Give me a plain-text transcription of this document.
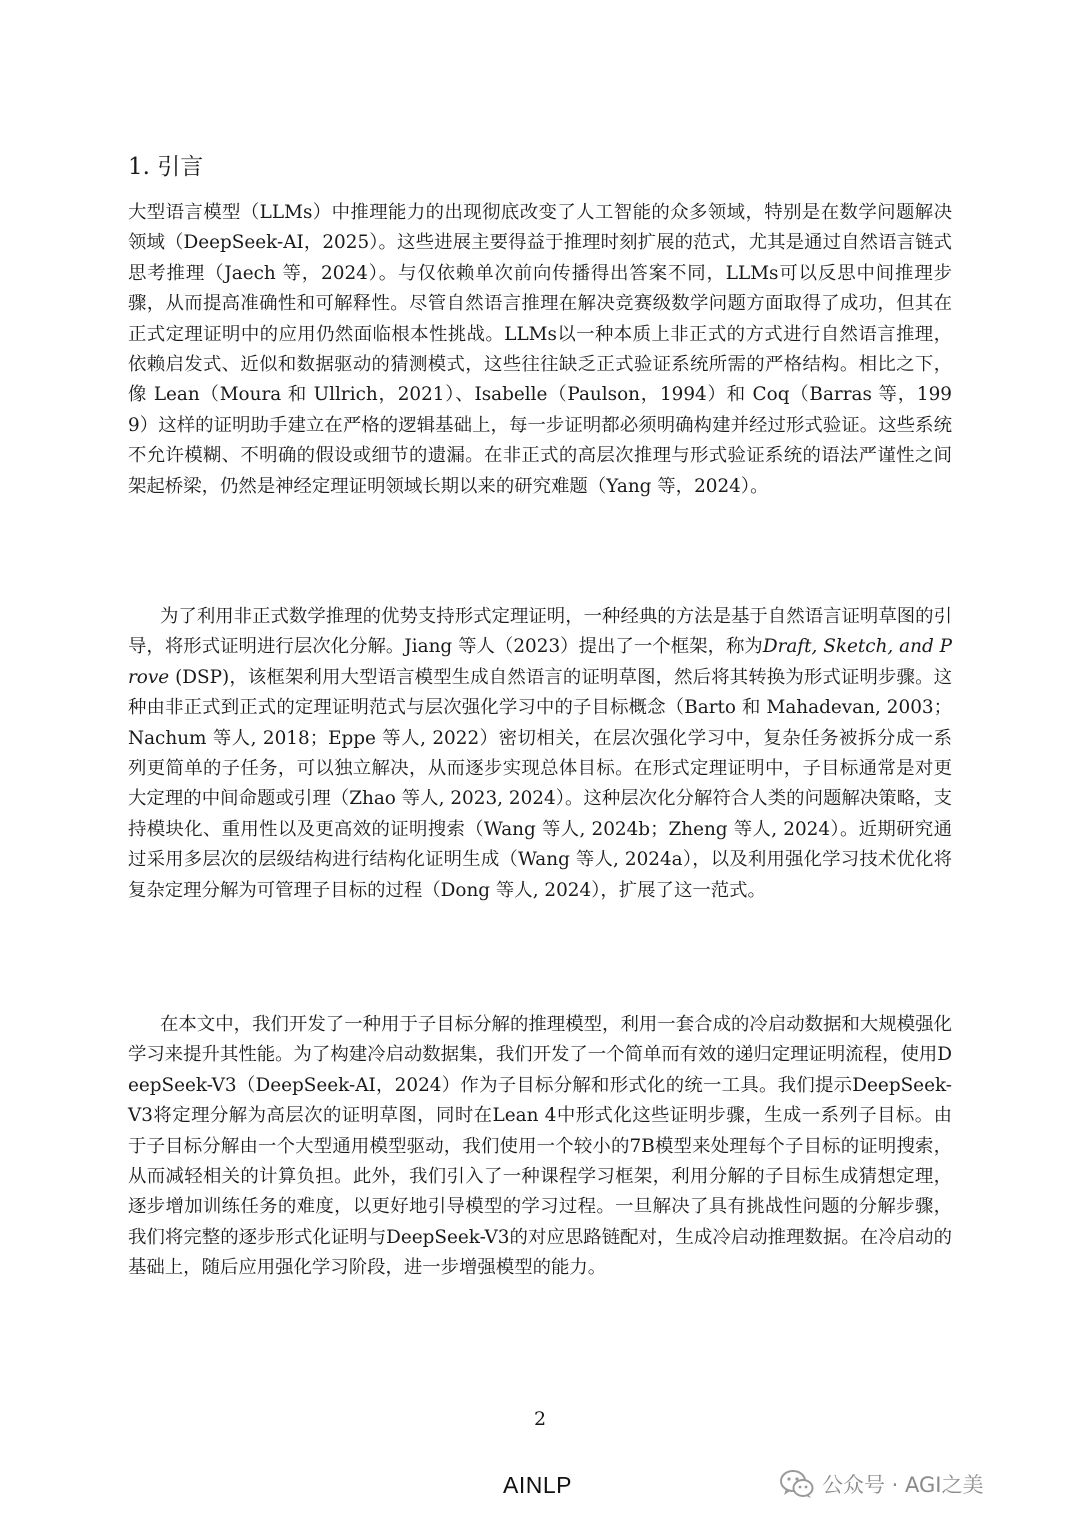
1. 引言

大型语言模型（LLMs）中推理能力的出现彻底改变了人工智能的众多领域，特别是在数学问题解决领域（DeepSeek-AI，2025）。这些进展主要得益于推理时刻扩展的范式，尤其是通过自然语言链式思考推理（Jaech 等，2024）。与仅依赖单次前向传播得出答案不同，LLMs可以反思中间推理步骤，从而提高准确性和可解释性。尽管自然语言推理在解决竞赛级数学问题方面取得了成功，但其在正式定理证明中的应用仍然面临根本性挑战。LLMs以一种本质上非正式的方式进行自然语言推理，依赖启发式、近似和数据驱动的猜测模式，这些往往缺乏正式验证系统所需的严格结构。相比之下，像 Lean（Moura 和 Ullrich，2021）、Isabelle（Paulson，1994）和 Coq（Barras 等，1999）这样的证明助手建立在严格的逻辑基础上，每一步证明都必须明确构建并经过形式验证。这些系统不允许模糊、不明确的假设或细节的遗漏。在非正式的高层次推理与形式验证系统的语法严谨性之间架起桥梁，仍然是神经定理证明领域长期以来的研究难题（Yang 等，2024）。

为了利用非正式数学推理的优势支持形式定理证明，一种经典的方法是基于自然语言证明草图的引导，将形式证明进行层次化分解。Jiang 等人（2023）提出了一个框架，称为Draft, Sketch, and Prove (DSP)，该框架利用大型语言模型生成自然语言的证明草图，然后将其转换为形式证明步骤。这种由非正式到正式的定理证明范式与层次强化学习中的子目标概念（Barto 和 Mahadevan, 2003；Nachum 等人, 2018；Eppe 等人, 2022）密切相关，在层次强化学习中，复杂任务被拆分成一系列更简单的子任务，可以独立解决，从而逐步实现总体目标。在形式定理证明中，子目标通常是对更大定理的中间命题或引理（Zhao 等人, 2023, 2024）。这种层次化分解符合人类的问题解决策略，支持模块化、重用性以及更高效的证明搜索（Wang 等人, 2024b；Zheng 等人, 2024）。近期研究通过采用多层次的层级结构进行结构化证明生成（Wang 等人, 2024a），以及利用强化学习技术优化将复杂定理分解为可管理子目标的过程（Dong 等人, 2024），扩展了这一范式。

在本文中，我们开发了一种用于子目标分解的推理模型，利用一套合成的冷启动数据和大规模强化学习来提升其性能。为了构建冷启动数据集，我们开发了一个简单而有效的递归定理证明流程，使用DeepSeek-V3（DeepSeek-AI，2024）作为子目标分解和形式化的统一工具。我们提示DeepSeek-V3将定理分解为高层次的证明草图，同时在Lean 4中形式化这些证明步骤，生成一系列子目标。由于子目标分解由一个大型通用模型驱动，我们使用一个较小的7B模型来处理每个子目标的证明搜索，从而减轻相关的计算负担。此外，我们引入了一种课程学习框架，利用分解的子目标生成猜想定理，逐步增加训练任务的难度，以更好地引导模型的学习过程。一旦解决了具有挑战性问题的分解步骤，我们将完整的逐步形式化证明与DeepSeek-V3的对应思路链配对，生成冷启动推理数据。在冷启动的基础上，随后应用强化学习阶段，进一步增强模型的能力。

2
AINLP	公众号 · AGI之美
